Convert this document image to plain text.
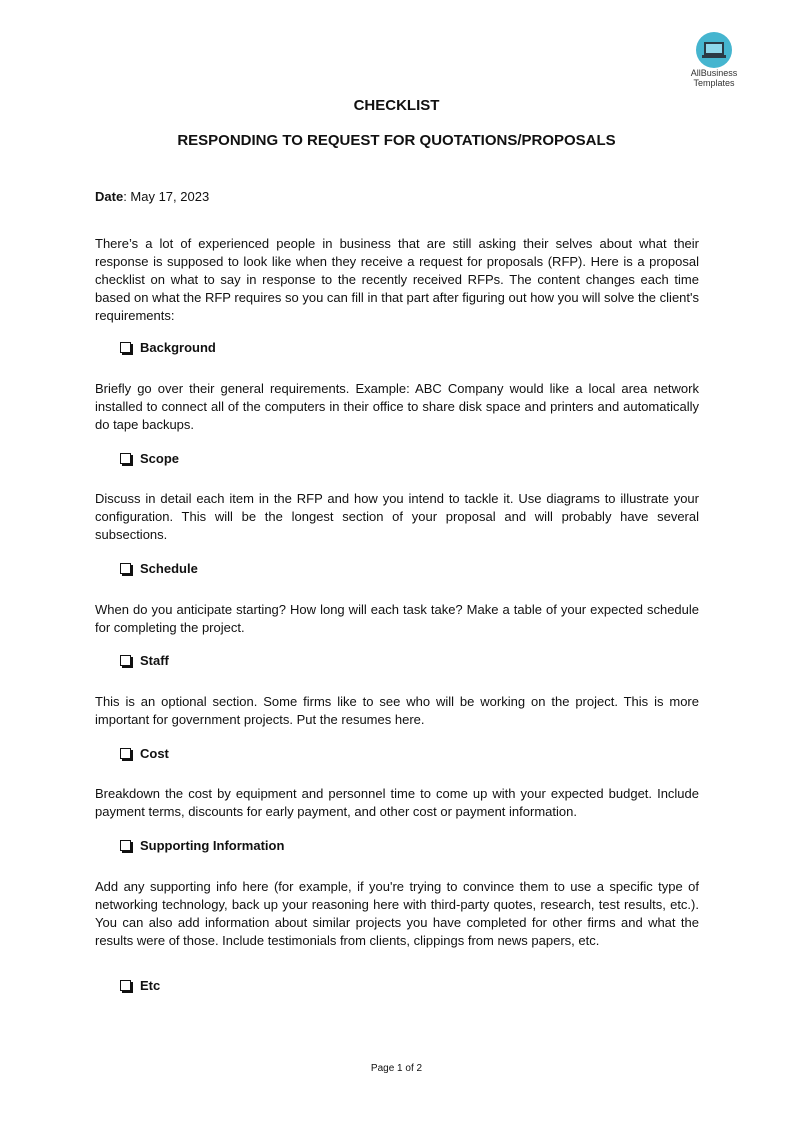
AllBusiness
Templates
CHECKLIST
RESPONDING TO REQUEST FOR QUOTATIONS/PROPOSALS
Date: May 17, 2023

There’s a lot of experienced people in business that are still asking their selves about what their response is supposed to look like when they receive a request for proposals (RFP). Here is a proposal checklist on what to say in response to the recently received RFPs. The content changes each time based on what the RFP requires so you can fill in that part after figuring out how you will solve the client's requirements:

Background

Briefly go over their general requirements. Example: ABC Company would like a local area network installed to connect all of the computers in their office to share disk space and printers and automatically do tape backups.

Scope

Discuss in detail each item in the RFP and how you intend to tackle it. Use diagrams to illustrate your configuration. This will be the longest section of your proposal and will probably have several subsections.

Schedule

When do you anticipate starting? How long will each task take? Make a table of your expected schedule for completing the project.

Staff

This is an optional section. Some firms like to see who will be working on the project. This is more important for government projects. Put the resumes here.

Cost

Breakdown the cost by equipment and personnel time to come up with your expected budget. Include payment terms, discounts for early payment, and other cost or payment information.

Supporting Information

Add any supporting info here (for example, if you're trying to convince them to use a specific type of networking technology, back up your reasoning here with third-party quotes, research, test results, etc.). You can also add information about similar projects you have completed for other firms and what the results were of those. Include testimonials from clients, clippings from news papers, etc.

Etc
Page 1 of 2
